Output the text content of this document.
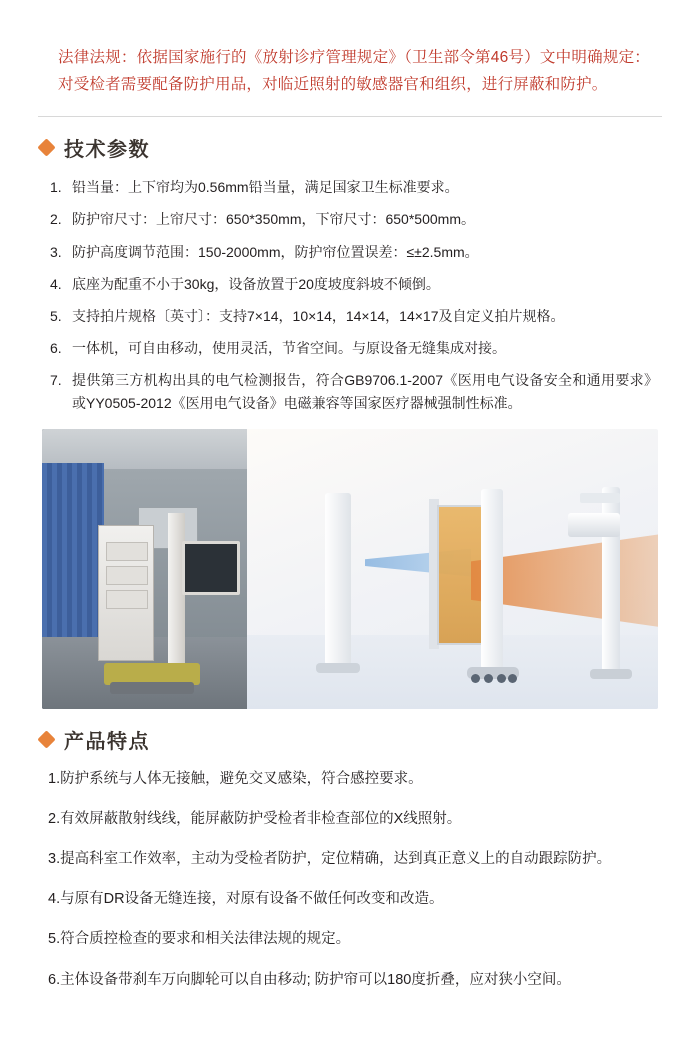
法律法规：依据国家施行的《放射诊疗管理规定》（卫生部令第46号）文中明确规定：对受检者需要配备防护用品，对临近照射的敏感器官和组织，进行屏蔽和防护。

技术参数
1. 铅当量：上下帘均为0.56mm铅当量，满足国家卫生标准要求。
2. 防护帘尺寸：上帘尺寸：650*350mm，下帘尺寸：650*500mm。
3. 防护高度调节范围：150-2000mm，防护帘位置误差：≤±2.5mm。
4. 底座为配重不小于30kg，设备放置于20度坡度斜坡不倾倒。
5. 支持拍片规格〔英寸〕：支持7×14，10×14，14×14，14×17及自定义拍片规格。
6. 一体机，可自由移动，使用灵活，节省空间。与原设备无缝集成对接。
7. 提供第三方机构出具的电气检测报告，符合GB9706.1-2007《医用电气设备安全和通用要求》或YY0505-2012《医用电气设备》电磁兼容等国家医疗器械强制性标准。
产品特点
1.防护系统与人体无接触，避免交叉感染，符合感控要求。
2.有效屏蔽散射线线，能屏蔽防护受检者非检查部位的X线照射。
3.提高科室工作效率，主动为受检者防护，定位精确，达到真正意义上的自动跟踪防护。
4.与原有DR设备无缝连接，对原有设备不做任何改变和改造。
5.符合质控检查的要求和相关法律法规的规定。
6.主体设备带刹车万向脚轮可以自由移动; 防护帘可以180度折叠，应对狭小空间。
